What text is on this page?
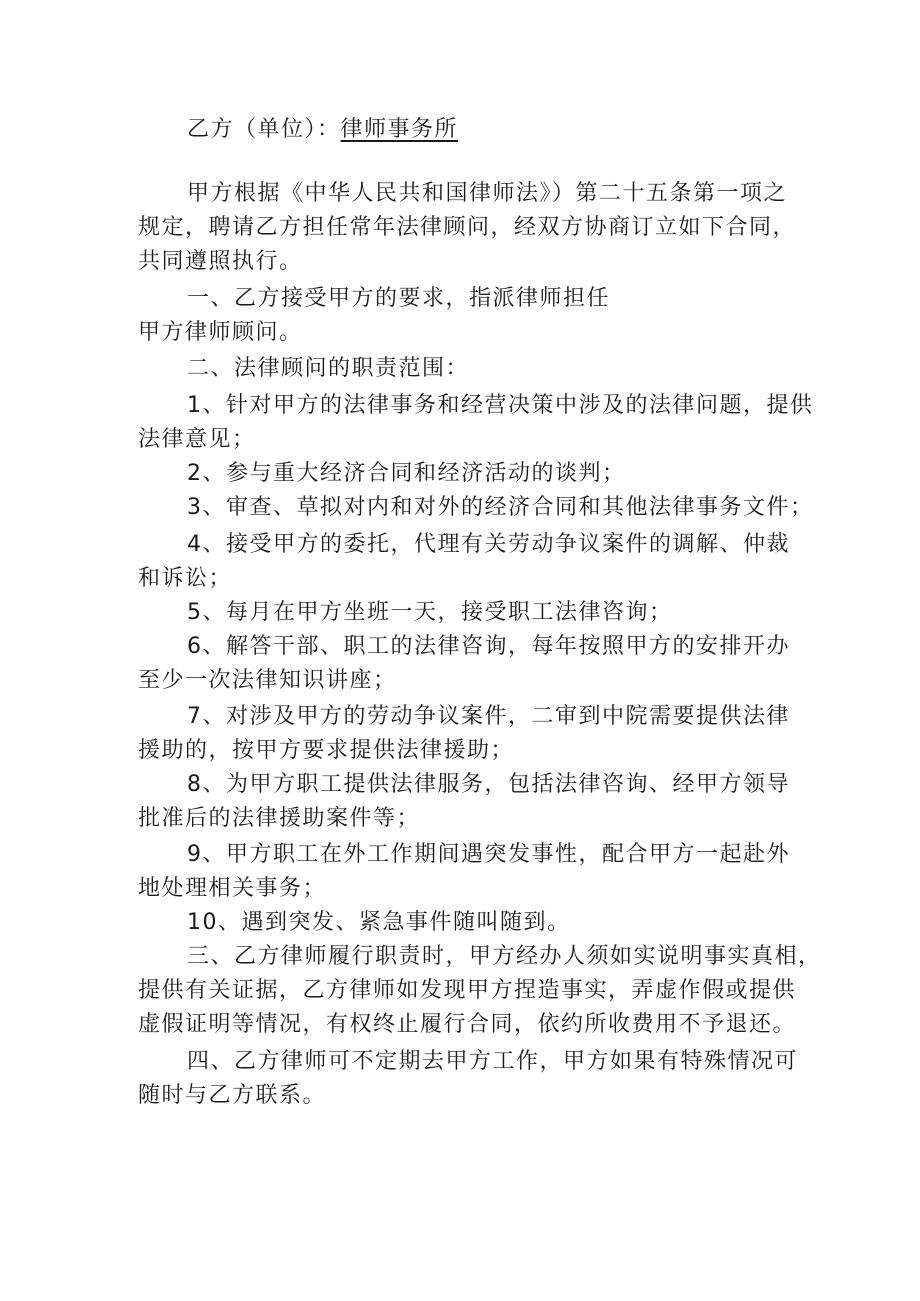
乙方（单位）：律师事务所
甲方根据《中华人民共和国律师法》）第二十五条第一项之
规定，聘请乙方担任常年法律顾问，经双方协商订立如下合同，
共同遵照执行。
一、乙方接受甲方的要求，指派律师担任
甲方律师顾问。
二、法律顾问的职责范围：
1、针对甲方的法律事务和经营决策中涉及的法律问题，提供
法律意见；
2、参与重大经济合同和经济活动的谈判；
3、审查、草拟对内和对外的经济合同和其他法律事务文件；
4、接受甲方的委托，代理有关劳动争议案件的调解、仲裁
和诉讼；
5、每月在甲方坐班一天，接受职工法律咨询；
6、解答干部、职工的法律咨询，每年按照甲方的安排开办
至少一次法律知识讲座；
7、对涉及甲方的劳动争议案件，二审到中院需要提供法律
援助的，按甲方要求提供法律援助；
8、为甲方职工提供法律服务，包括法律咨询、经甲方领导
批准后的法律援助案件等；
9、甲方职工在外工作期间遇突发事性，配合甲方一起赴外
地处理相关事务；
10、遇到突发、紧急事件随叫随到。
三、乙方律师履行职责时，甲方经办人须如实说明事实真相，
提供有关证据，乙方律师如发现甲方捏造事实，弄虚作假或提供
虚假证明等情况，有权终止履行合同，依约所收费用不予退还。
四、乙方律师可不定期去甲方工作，甲方如果有特殊情况可
随时与乙方联系。
